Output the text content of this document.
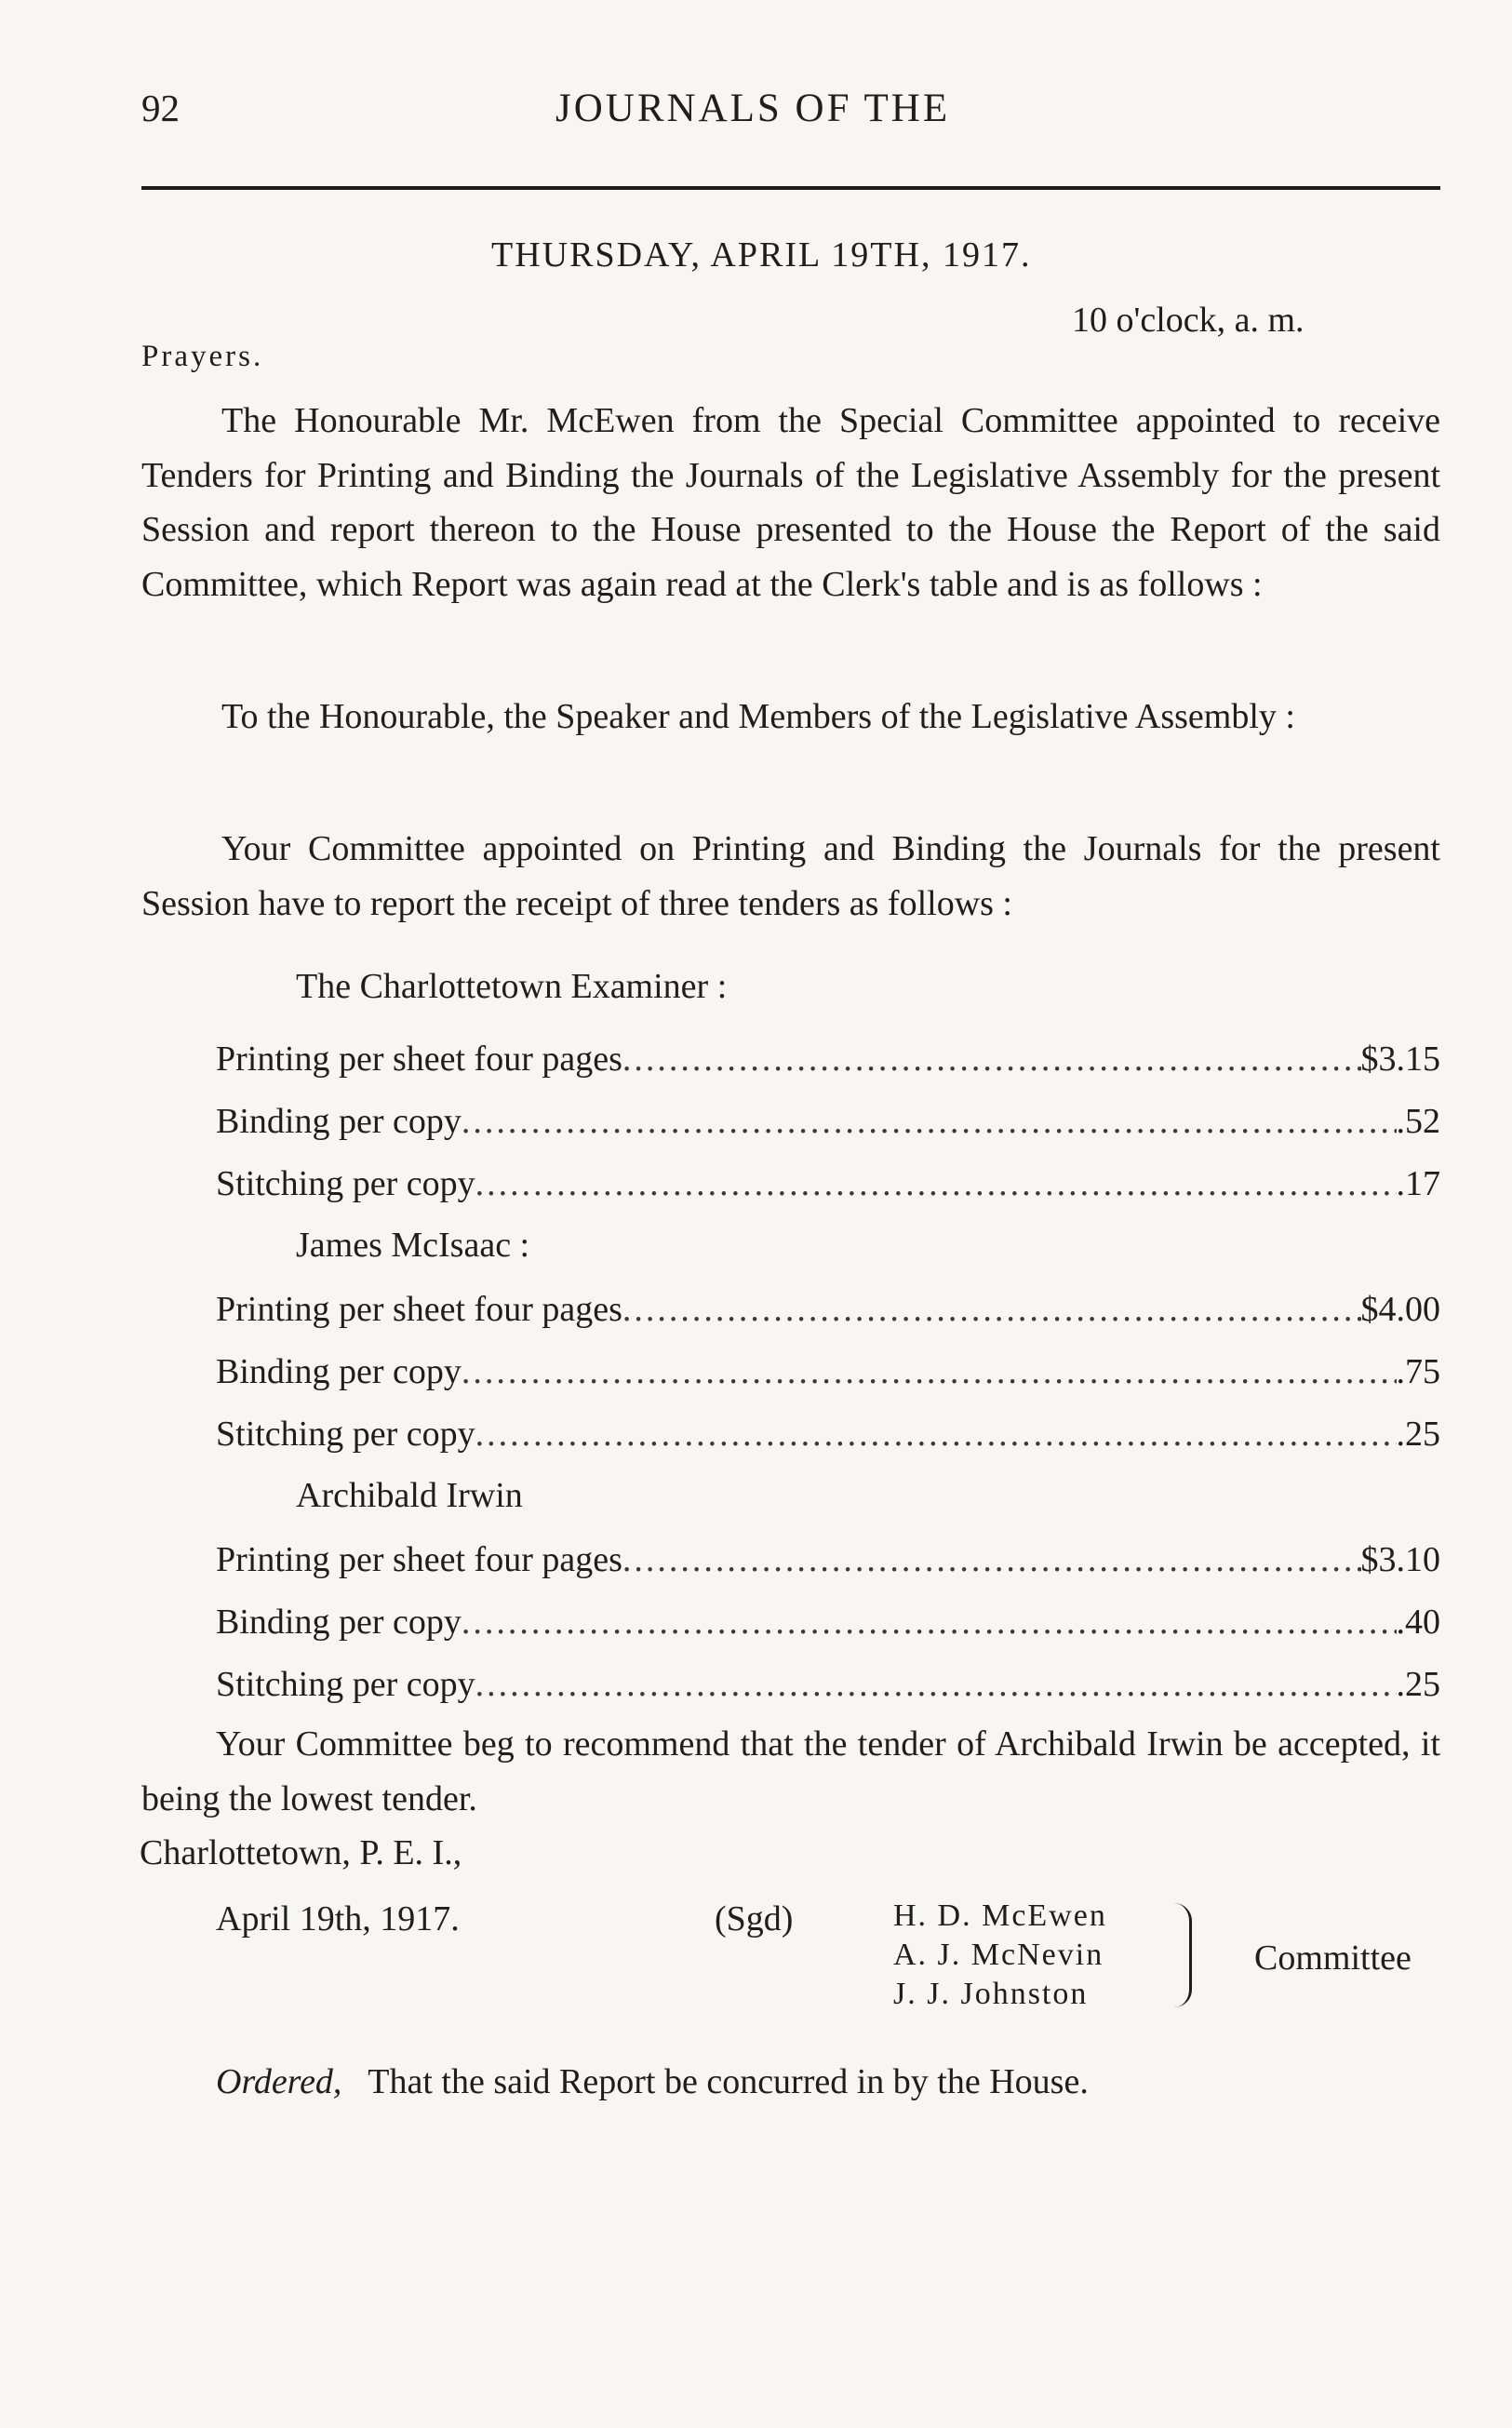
92	JOURNALS OF THE
THURSDAY, APRIL 19TH, 1917.
10 o'clock, a. m.
Prayers.

The Honourable Mr. McEwen from the Special Committee appointed to receive Tenders for Printing and Binding the Journals of the Legislative Assembly for the present Session and report thereon to the House presented to the House the Report of the said Committee, which Report was again read at the Clerk's table and is as follows :

To the Honourable, the Speaker and Members of the Legislative Assembly :

Your Committee appointed on Printing and Binding the Journals for the present Session have to report the receipt of three tenders as follows :

The Charlottetown Examiner :
Printing per sheet four pages .....	$3.15
Binding per copy .....	.52
Stitching per copy .....	.17
James McIsaac :
Printing per sheet four pages .....	$4.00
Binding per copy .....	.75
Stitching per copy .....	.25
Archibald Irwin
Printing per sheet four pages .....	$3.10
Binding per copy .....	.40
Stitching per copy .....	.25

Your Committee beg to recommend that the tender of Archibald Irwin be accepted, it being the lowest tender.

Charlottetown, P. E. I.,
April 19th, 1917.	(Sgd)	H. D. McEwen
A. J. McNevin
J. J. Johnston
Committee
Ordered, That the said Report be concurred in by the House.
